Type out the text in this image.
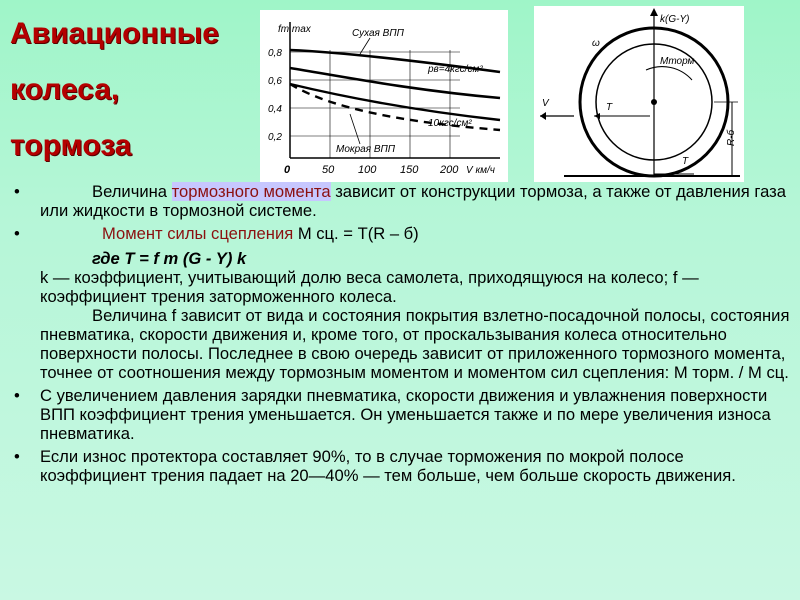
Авиационные
колеса,
тормоза
fт max
0,8
0,6
0,4
0,2
0	50 100 150 200 V км/ч
Сухая ВПП
pв=4кгс/см²
10кгс/см²
Мокрая ВПП
k(G-Y)
ω
Mторм
V	T
T
R-б
•	Величина тормозного момента зависит от конструкции тормоза, а также от давления газа или жидкости в тормозной системе.
•	Момент силы сцепления М сц. = Т(R – б)
где T = f т (G - Y) k
k — коэффициент, учитывающий долю веса самолета, приходящуюся на колесо; f — коэффициент трения заторможенного колеса.
Величина f зависит от вида и состояния покрытия взлетно-посадочной полосы, состояния пневматика, скорости движения и, кроме того, от проскальзывания колеса относительно поверхности полосы. Последнее в свою очередь зависит от приложенного тормозного момента, точнее от соотношения между тормозным моментом и моментом сил сцепления: М торм. / М сц.
• С увеличением давления зарядки пневматика, скорости движения и увлажнения поверхности ВПП коэффициент трения уменьшается. Он уменьшается также и по мере увеличения износа пневматика.
• Если износ протектора составляет 90%, то в случае торможения по мокрой полосе коэффициент трения падает на 20—40% — тем больше, чем больше скорость движения.
